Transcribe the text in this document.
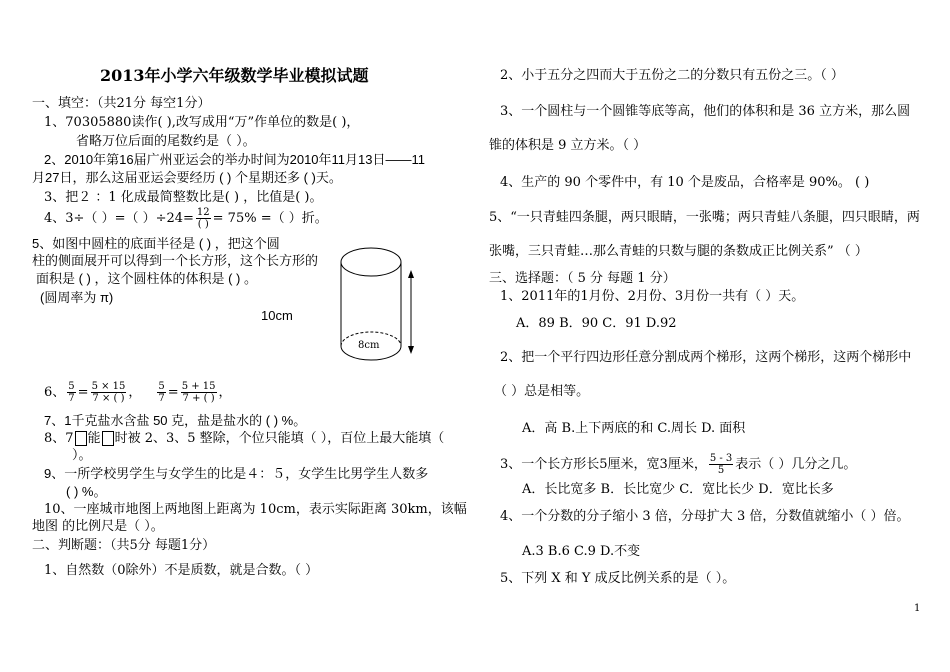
2013年小学六年级数学毕业模拟试题
一、填空：（共21分 每空1分）
1、70305880读作( ),改写成用“万”作单位的数是( )，
省略万位后面的尾数约是（ ）。
2、2010年第16届广州亚运会的举办时间为2010年11月13日——11
月27日，那么这届亚运会要经历 ( ) 个星期还多 ( )天。
3、把２ ：1 化成最简整数比是( ) ，比值是( )。
4、3÷（ ）=（ ）$\div 24= \frac{12}{( )} = 75\%$ =（ ）折。
5、如图中圆柱的底面半径是 ( ) ，把这个圆
柱的侧面展开可以得到一个长方形，这个长方形的
面积是 ( ) ，这个圆柱体的体积是 ( ) 。
(圆周率为 π)
10cm
8cm
6、 $\frac{5}{7} = \frac{5 \times 15}{7 \times ( )}$ ， $\frac{5}{7} = \frac{5 + 15}{7 + ( )}$ ，
7、1千克盐水含盐 50 克，盐是盐水的 ( ) %。
8、7 能 时被 2、3、5 整除，个位只能填（ ），百位上最大能填（
）。
9、一所学校男学生与女学生的比是４：５，女学生比男学生人数多
( ) %。
10、一座城市地图上两地图上距离为 10cm，表示实际距离 30km，该幅
地图 的比例尺是（ ）。
二、判断题：（共5分 每题1分）
1、自然数（0除外）不是质数，就是合数。（ ）
2、小于五分之四而大于五份之二的分数只有五份之三。（ ）
3、一个圆柱与一个圆锥等底等高，他们的体积和是 36 立方米，那么圆
锥的体积是 9 立方米。（ ）
4、生产的 90 个零件中，有 10 个是废品，合格率是 90%。 ( )
5、“一只青蛙四条腿，两只眼睛，一张嘴；两只青蛙八条腿，四只眼睛，两
张嘴，三只青蛙…那么青蛙的只数与腿的条数成正比例关系” （ ）
三、选择题：（ 5 分 每题 1 分）
1、2011年的1月份、2月份、3月份一共有（ ）天。
A．89 B．90 C．91 D.92
2、把一个平行四边形任意分割成两个梯形，这两个梯形，这两个梯形中
（ ）总是相等。
A．高 B.上下两底的和 C.周长 D. 面积
3、一个长方形长5厘米，宽3厘米， $\frac{5 - 3}{5}$ 表示（ ）几分之几。
A．长比宽多 B．长比宽少 C．宽比长少 D．宽比长多
4、一个分数的分子缩小 3 倍，分母扩大 3 倍，分数值就缩小（ ）倍。
A.3 B.6 C.9 D.不变
5、下列 X 和 Y 成反比例关系的是（ ）。
1
